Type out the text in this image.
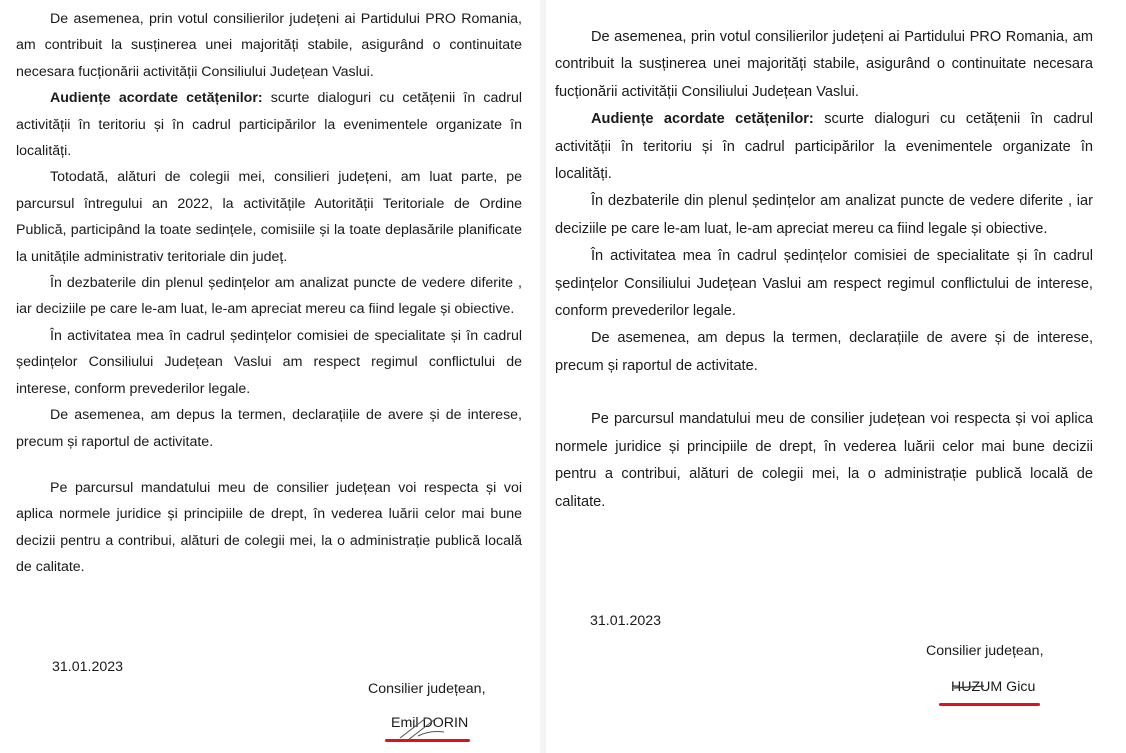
De asemenea, prin votul consilierilor județeni ai Partidului PRO Romania, am contribuit la susținerea unei majorități stabile, asigurând o continuitate necesara fucționării activității Consiliului Județean Vaslui.

Audiențe acordate cetățenilor: scurte dialoguri cu cetățenii în cadrul activității în teritoriu și în cadrul participărilor la evenimentele organizate în localități.

Totodată, alături de colegii mei, consilieri județeni, am luat parte, pe parcursul întregului an 2022, la activitățile Autorității Teritoriale de Ordine Publică, participând la toate sedințele, comisiile și la toate deplasările planificate la unitățile administrativ teritoriale din județ.

În dezbaterile din plenul ședințelor am analizat puncte de vedere diferite , iar deciziile pe care le-am luat, le-am apreciat mereu ca fiind legale și obiective.

În activitatea mea în cadrul ședințelor comisiei de specialitate și în cadrul ședințelor Consiliului Județean Vaslui am respect regimul conflictului de interese, conform prevederilor legale.

De asemenea, am depus la termen, declarațiile de avere și de interese, precum și raportul de activitate.

Pe parcursul mandatului meu de consilier județean voi respecta și voi aplica normele juridice și principiile de drept, în vederea luării celor mai bune decizii pentru a contribui, alături de colegii mei, la o administrație publică locală de calitate.

31.01.2023
Consilier județean,
Emil DORIN

De asemenea, prin votul consilierilor județeni ai Partidului PRO Romania, am contribuit la susținerea unei majorități stabile, asigurând o continuitate necesara fucționării activității Consiliului Județean Vaslui.

Audiențe acordate cetățenilor: scurte dialoguri cu cetățenii în cadrul activității în teritoriu și în cadrul participărilor la evenimentele organizate în localități.

În dezbaterile din plenul ședințelor am analizat puncte de vedere diferite , iar deciziile pe care le-am luat, le-am apreciat mereu ca fiind legale și obiective.

În activitatea mea în cadrul ședințelor comisiei de specialitate și în cadrul ședințelor Consiliului Județean Vaslui am respect regimul conflictului de interese, conform prevederilor legale.

De asemenea, am depus la termen, declarațiile de avere și de interese, precum și raportul de activitate.

Pe parcursul mandatului meu de consilier județean voi respecta și voi aplica normele juridice și principiile de drept, în vederea luării celor mai bune decizii pentru a contribui, alături de colegii mei, la o administrație publică locală de calitate.

31.01.2023
Consilier județean,
HUZUM Gicu
